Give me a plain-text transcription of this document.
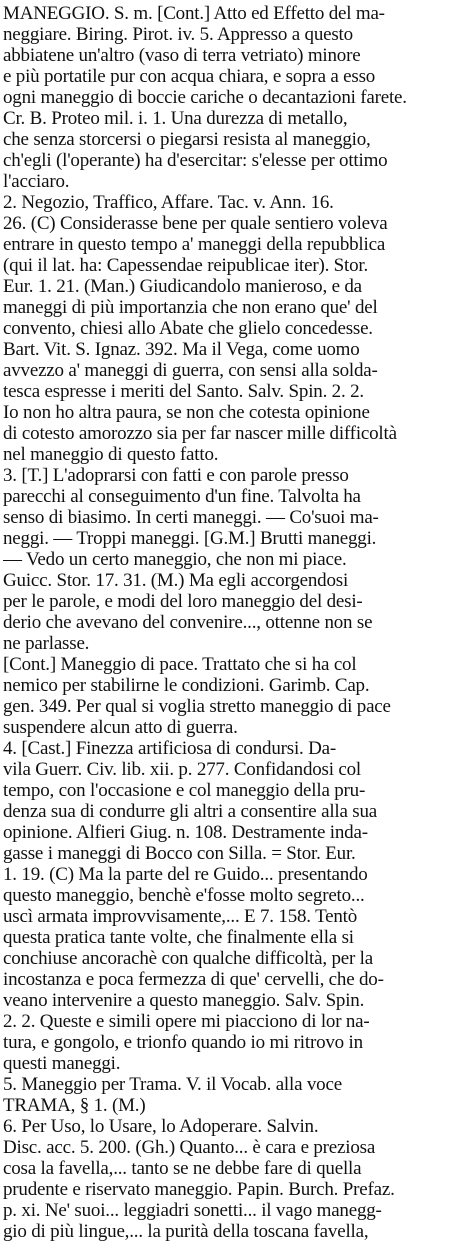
MANEGGIO. S. m. [Cont.] Atto ed Effetto del ma-
neggiare. Biring. Pirot. iv. 5. Appresso a questo
abbiatene un'altro (vaso di terra vetriato) minore
e più portatile pur con acqua chiara, e sopra a esso
ogni maneggio di boccie cariche o decantazioni farete.
Cr. B. Proteo mil. i. 1. Una durezza di metallo,
che senza storcersi o piegarsi resista al maneggio,
ch'egli (l'operante) ha d'esercitar: s'elesse per ottimo
l'acciaro.
2. Negozio, Traffico, Affare. Tac. v. Ann. 16.
26. (C) Considerasse bene per quale sentiero voleva
entrare in questo tempo a' maneggi della repubblica
(qui il lat. ha: Capessendae reipublicae iter). Stor.
Eur. 1. 21. (Man.) Giudicandolo manieroso, e da
maneggi di più importanzia che non erano que' del
convento, chiesi allo Abate che glielo concedesse.
Bart. Vit. S. Ignaz. 392. Ma il Vega, come uomo
avvezzo a' maneggi di guerra, con sensi alla solda-
tesca espresse i meriti del Santo. Salv. Spin. 2. 2.
Io non ho altra paura, se non che cotesta opinione
di cotesto amorozzo sia per far nascer mille difficoltà
nel maneggio di questo fatto.
3. [T.] L'adoprarsi con fatti e con parole presso
parecchi al conseguimento d'un fine. Talvolta ha
senso di biasimo. In certi maneggi. — Co'suoi ma-
neggi. — Troppi maneggi. [G.M.] Brutti maneggi.
— Vedo un certo maneggio, che non mi piace.
Guicc. Stor. 17. 31. (M.) Ma egli accorgendosi
per le parole, e modi del loro maneggio del desi-
derio che avevano del convenire..., ottenne non se
ne parlasse.
[Cont.] Maneggio di pace. Trattato che si ha col
nemico per stabilirne le condizioni. Garimb. Cap.
gen. 349. Per qual si voglia stretto maneggio di pace
suspendere alcun atto di guerra.
4. [Cast.] Finezza artificiosa di condursi. Da-
vila Guerr. Civ. lib. xii. p. 277. Confidandosi col
tempo, con l'occasione e col maneggio della pru-
denza sua di condurre gli altri a consentire alla sua
opinione. Alfieri Giug. n. 108. Destramente inda-
gasse i maneggi di Bocco con Silla. = Stor. Eur.
1. 19. (C) Ma la parte del re Guido... presentando
questo maneggio, benchè e'fosse molto segreto...
uscì armata improvvisamente,... E 7. 158. Tentò
questa pratica tante volte, che finalmente ella si
conchiuse ancorachè con qualche difficoltà, per la
incostanza e poca fermezza di que' cervelli, che do-
veano intervenire a questo maneggio. Salv. Spin.
2. 2. Queste e simili opere mi piacciono di lor na-
tura, e gongolo, e trionfo quando io mi ritrovo in
questi maneggi.
5. Maneggio per Trama. V. il Vocab. alla voce
TRAMA, § 1. (M.)
6. Per Uso, lo Usare, lo Adoperare. Salvin.
Disc. acc. 5. 200. (Gh.) Quanto... è cara e preziosa
cosa la favella,... tanto se ne debbe fare di quella
prudente e riservato maneggio. Papin. Burch. Prefaz.
p. xi. Ne' suoi... leggiadri sonetti... il vago manegg-
gio di più lingue,... la purità della toscana favella,
